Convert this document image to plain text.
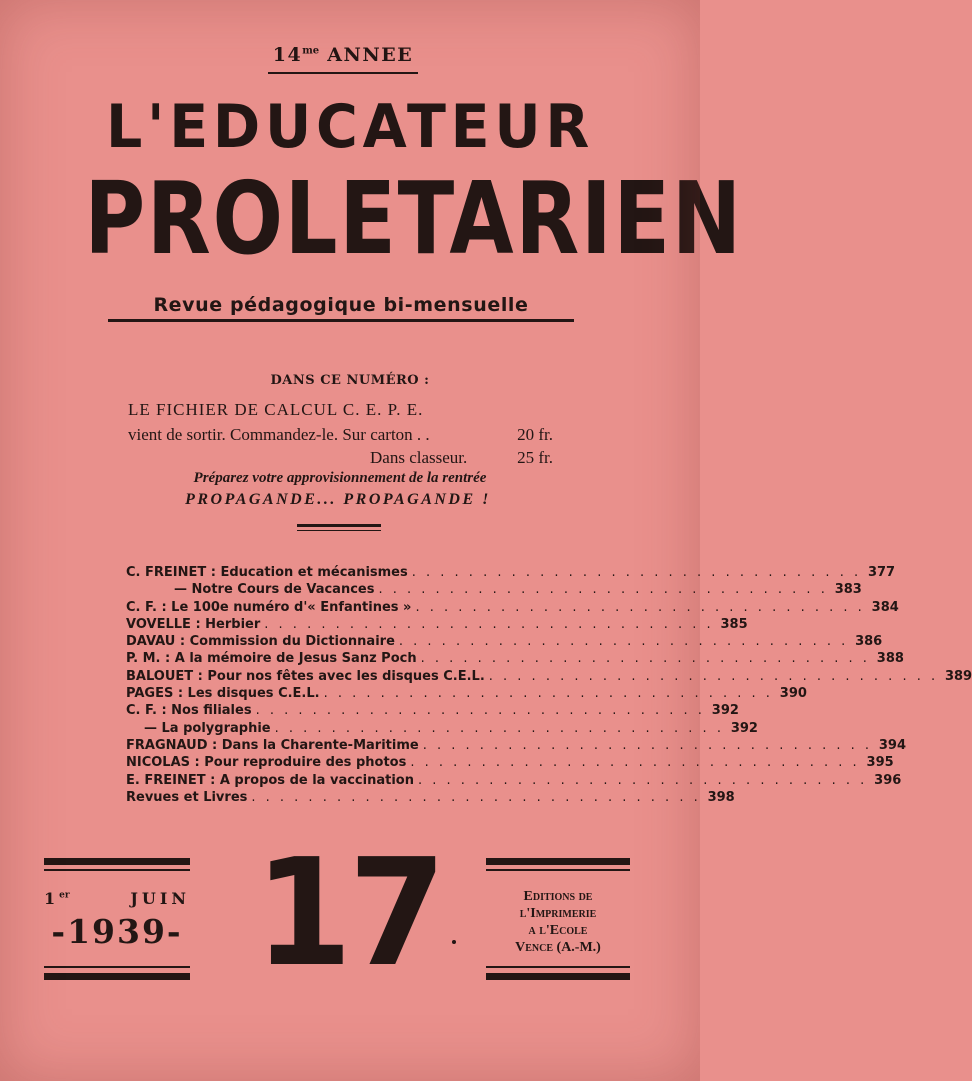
$14^{me}$ ANNEE
L'EDUCATEUR
PROLETARIEN
Revue pédagogique bi-mensuelle
DANS CE NUMÉRO :
LE FICHIER DE CALCUL C. E. P. E.
vient de sortir. Commandez-le. Sur carton . .	20 fr.
Dans classeur.	25 fr.
Préparez votre approvisionnement de la rentrée
PROPAGANDE... PROPAGANDE !
C. FREINET : Education et mécanismes . . . . . . . . . . . . . . . . . . . . . . . . . . . . . . . . 377
— Notre Cours de Vacances . . . . . . . . . . . . . . . . . . . . . . . . . . . . . . . . 383
C. F. : Le 100e numéro d'« Enfantines » . . . . . . . . . . . . . . . . . . . . . . . . . . . . . . . . 384
VOVELLE : Herbier . . . . . . . . . . . . . . . . . . . . . . . . . . . . . . . . 385
DAVAU : Commission du Dictionnaire . . . . . . . . . . . . . . . . . . . . . . . . . . . . . . . . 386
P. M. : A la mémoire de Jesus Sanz Poch . . . . . . . . . . . . . . . . . . . . . . . . . . . . . . . . 388
BALOUET : Pour nos fêtes avec les disques C.E.L. . . . . . . . . . . . . . . . . . . . . . . . . . . . . . . . . 389
PAGES : Les disques C.E.L. . . . . . . . . . . . . . . . . . . . . . . . . . . . . . . . . 390
C. F. : Nos filiales . . . . . . . . . . . . . . . . . . . . . . . . . . . . . . . . 392
— La polygraphie . . . . . . . . . . . . . . . . . . . . . . . . . . . . . . . . 392
FRAGNAUD : Dans la Charente-Maritime . . . . . . . . . . . . . . . . . . . . . . . . . . . . . . . . 394
NICOLAS : Pour reproduire des photos . . . . . . . . . . . . . . . . . . . . . . . . . . . . . . . . 395
E. FREINET : A propos de la vaccination . . . . . . . . . . . . . . . . . . . . . . . . . . . . . . . . 396
Revues et Livres . . . . . . . . . . . . . . . . . . . . . . . . . . . . . . . . 398
1er	JUIN
-1939- 17	Editions de
l'Imprimerie
a l'Ecole
Vence (A.-M.)
